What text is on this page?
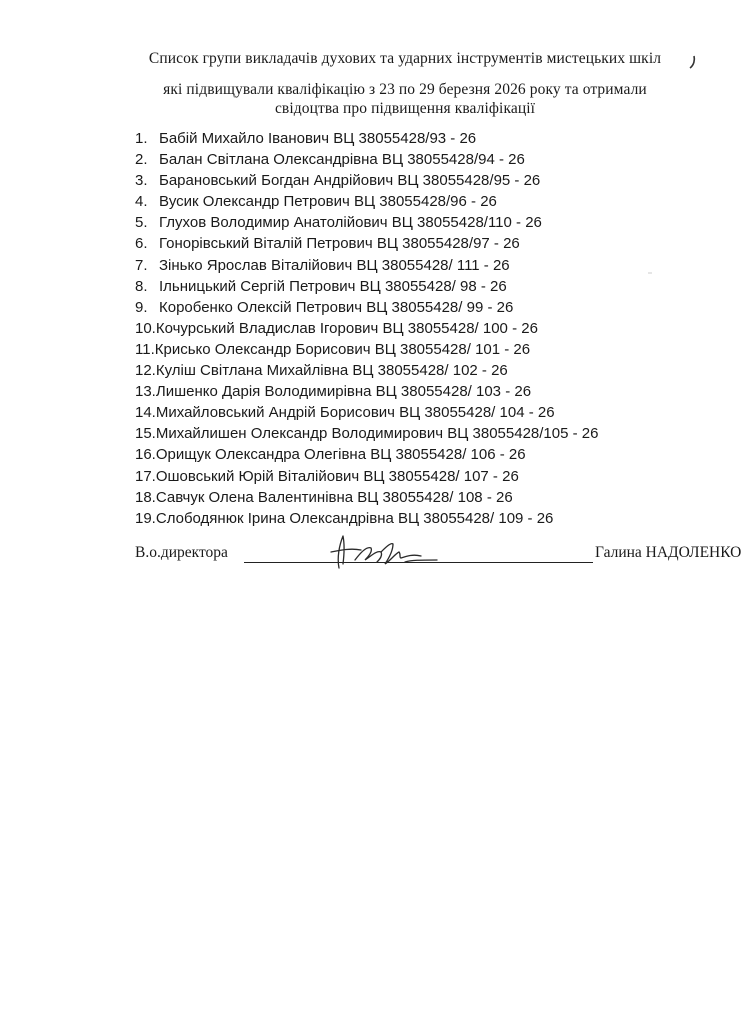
Список групи викладачів духових та ударних інструментів мистецьких шкіл
які підвищували кваліфікацію з 23 по 29 березня 2026 року та отримали
свідоцтва про підвищення кваліфікації
1. Бабій Михайло Іванович ВЦ 38055428/93 - 26
2. Балан Світлана Олександрівна ВЦ 38055428/94 - 26
3. Барановський Богдан Андрійович ВЦ 38055428/95 - 26
4. Вусик Олександр Петрович ВЦ 38055428/96 - 26
5. Глухов Володимир Анатолійович ВЦ 38055428/110 - 26
6. Гонорівський Віталій Петрович ВЦ 38055428/97 - 26
7. Зінько Ярослав Віталійович ВЦ 38055428/ 111 - 26
8. Ільницький Сергій Петрович ВЦ 38055428/ 98 - 26
9. Коробенко Олексій Петрович ВЦ 38055428/ 99 - 26
10. Кочурський Владислав Ігорович ВЦ 38055428/ 100 - 26
11. Крисько Олександр Борисович ВЦ 38055428/ 101 - 26
12. Куліш Світлана Михайлівна ВЦ 38055428/ 102 - 26
13. Лишенко Дарія Володимирівна ВЦ 38055428/ 103 - 26
14. Михайловський Андрій Борисович ВЦ 38055428/ 104 - 26
15. Михайлишен Олександр Володимирович ВЦ 38055428/105 - 26
16. Орищук Олександра Олегівна ВЦ 38055428/ 106 - 26
17. Ошовський Юрій Віталійович ВЦ 38055428/ 107 - 26
18. Савчук Олена Валентинівна ВЦ 38055428/ 108 - 26
19. Слободянюк Ірина Олександрівна ВЦ 38055428/ 109 - 26
В.о.директора	Галина НАДОЛЕНКО
